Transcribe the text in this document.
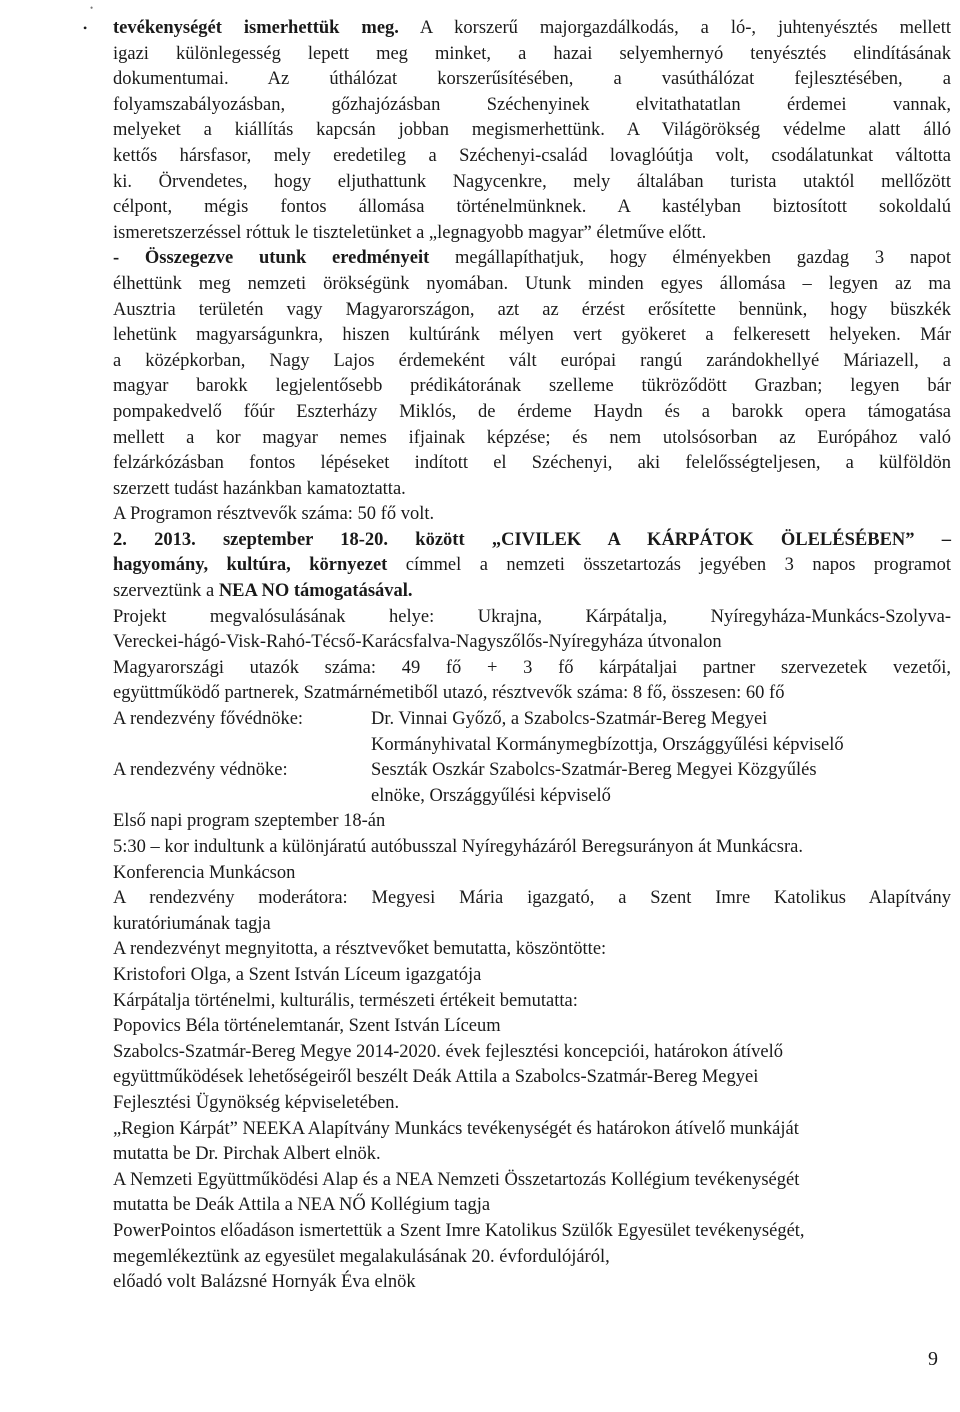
•
• tevékenységét ismerhettük meg. A korszerű majorgazdálkodás, a ló-, juhtenyésztés mellett
igazi különlegesség lepett meg minket, a hazai selyemhernyó tenyésztés elindításának
dokumentumai. Az úthálózat korszerűsítésében, a vasúthálózat fejlesztésében, a
folyamszabályozásban, gőzhajózásban Széchenyinek elvitathatatlan érdemei vannak,
melyeket a kiállítás kapcsán jobban megismerhettünk. A Világörökség védelme alatt álló
kettős hársfasor, mely eredetileg a Széchenyi-család lovaglóútja volt, csodálatunkat váltotta
ki. Örvendetes, hogy eljuthattunk Nagycenkre, mely általában turista utaktól mellőzött
célpont, mégis fontos állomása történelmünknek. A kastélyban biztosított sokoldalú
ismeretszerzéssel róttuk le tiszteletünket a „legnagyobb magyar” életműve előtt.
- Összegezve utunk eredményeit megállapíthatjuk, hogy élményekben gazdag 3 napot
élhettünk meg nemzeti örökségünk nyomában. Utunk minden egyes állomása – legyen az ma
Ausztria területén vagy Magyarországon, azt az érzést erősítette bennünk, hogy büszkék
lehetünk magyarságunkra, hiszen kultúránk mélyen vert gyökeret a felkeresett helyeken. Már
a középkorban, Nagy Lajos érdemeként vált európai rangú zarándokhellyé Máriazell, a
magyar barokk legjelentősebb prédikátorának szelleme tükröződött Grazban; legyen bár
pompakedvelő főúr Eszterházy Miklós, de érdeme Haydn és a barokk opera támogatása
mellett a kor magyar nemes ifjainak képzése; és nem utolsósorban az Európához való
felzárkózásban fontos lépéseket indított el Széchenyi, aki felelősségteljesen, a külföldön
szerzett tudást hazánkban kamatoztatta.
A Programon résztvevők száma: 50 fő volt.
2. 2013. szeptember 18-20. között „CIVILEK A KÁRPÁTOK ÖLELÉSÉBEN” –
hagyomány, kultúra, környezet címmel a nemzeti összetartozás jegyében 3 napos programot
szerveztünk a NEA NO támogatásával.
Projekt megvalósulásának helye: Ukrajna, Kárpátalja, Nyíregyháza-Munkács-Szolyva-
Vereckei-hágó-Visk-Rahó-Técső-Karácsfalva-Nagyszőlős-Nyíregyháza útvonalon
Magyarországi utazók száma: 49 fő + 3 fő kárpátaljai partner szervezetek vezetői,
együttműködő partnerek, Szatmárnémetiből utazó, résztvevők száma: 8 fő, összesen: 60 fő
A rendezvény fővédnöke:	Dr. Vinnai Győző, a Szabolcs-Szatmár-Bereg Megyei
Kormányhivatal Kormánymegbízottja, Országgyűlési képviselő
A rendezvény védnöke:	Seszták Oszkár Szabolcs-Szatmár-Bereg Megyei Közgyűlés
elnöke, Országgyűlési képviselő
Első napi program szeptember 18-án
5:30 – kor indultunk a különjáratú autóbusszal Nyíregyházáról Beregsurányon át Munkácsra.
Konferencia Munkácson
A rendezvény moderátora: Megyesi Mária igazgató, a Szent Imre Katolikus Alapítvány
kuratóriumának tagja
A rendezvényt megnyitotta, a résztvevőket bemutatta, köszöntötte:
Kristofori Olga, a Szent István Líceum igazgatója
Kárpátalja történelmi, kulturális, természeti értékeit bemutatta:
Popovics Béla történelemtanár, Szent István Líceum
Szabolcs-Szatmár-Bereg Megye 2014-2020. évek fejlesztési koncepciói, határokon átívelő
együttműködések lehetőségeiről beszélt Deák Attila a Szabolcs-Szatmár-Bereg Megyei
Fejlesztési Ügynökség képviseletében.
„Region Kárpát” NEEKA Alapítvány Munkács tevékenységét és határokon átívelő munkáját
mutatta be Dr. Pirchak Albert elnök.
A Nemzeti Együttműködési Alap és a NEA Nemzeti Összetartozás Kollégium tevékenységét
mutatta be Deák Attila a NEA NŐ Kollégium tagja
PowerPointos előadáson ismertettük a Szent Imre Katolikus Szülők Egyesület tevékenységét,
megemlékeztünk az egyesület megalakulásának 20. évfordulójáról,
előadó volt Balázsné Hornyák Éva elnök
9
